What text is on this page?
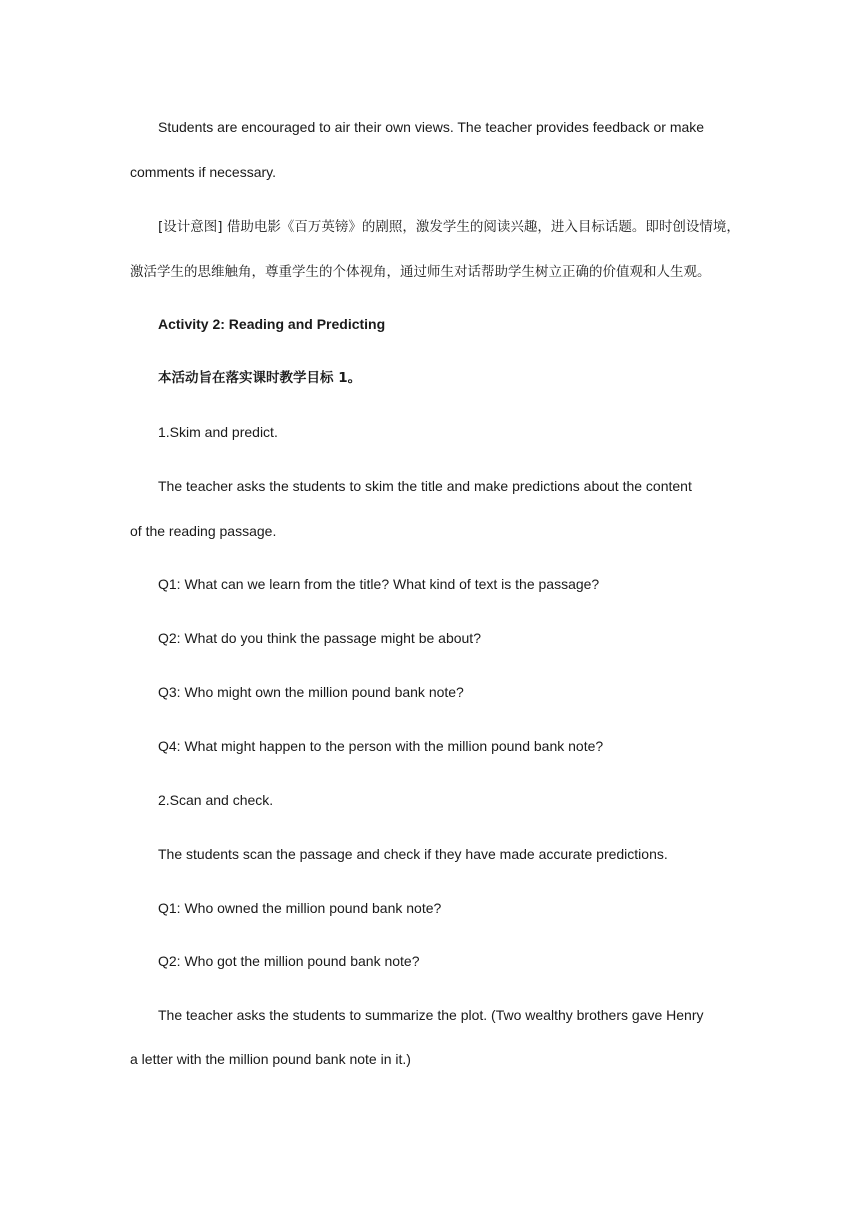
Students are encouraged to air their own views. The teacher provides feedback or make
comments if necessary.
[设计意图] 借助电影《百万英镑》的剧照，激发学生的阅读兴趣，进入目标话题。即时创设情境，
激活学生的思维触角，尊重学生的个体视角，通过师生对话帮助学生树立正确的价值观和人生观。
Activity 2: Reading and Predicting
本活动旨在落实课时教学目标 1。
1.Skim and predict.
The teacher asks the students to skim the title and make predictions about the content
of the reading passage.
Q1: What can we learn from the title? What kind of text is the passage?
Q2: What do you think the passage might be about?
Q3: Who might own the million pound bank note?
Q4: What might happen to the person with the million pound bank note?
2.Scan and check.
The students scan the passage and check if they have made accurate predictions.
Q1: Who owned the million pound bank note?
Q2: Who got the million pound bank note?
The teacher asks the students to summarize the plot. (Two wealthy brothers gave Henry
a letter with the million pound bank note in it.)
